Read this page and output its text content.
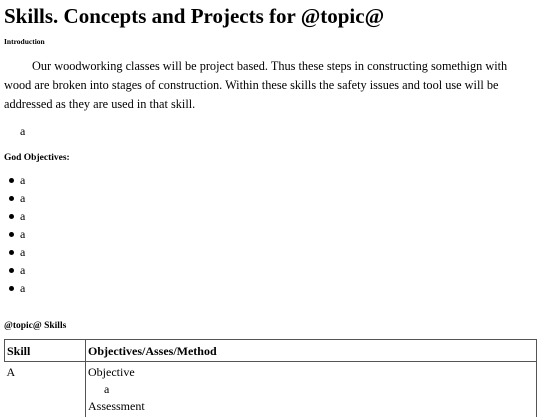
Skills. Concepts and Projects for @topic@
Introduction

Our woodworking classes will be project based. Thus these steps in constructing somethign with wood are broken into stages of construction. Within these skills the safety issues and tool use will be addressed as they are used in that skill.

a

God Objectives:
a
a
a
a
a
a
a
@topic@ Skills
Skill	Objectives/Asses/Method
A	Objective
a
Assessment
